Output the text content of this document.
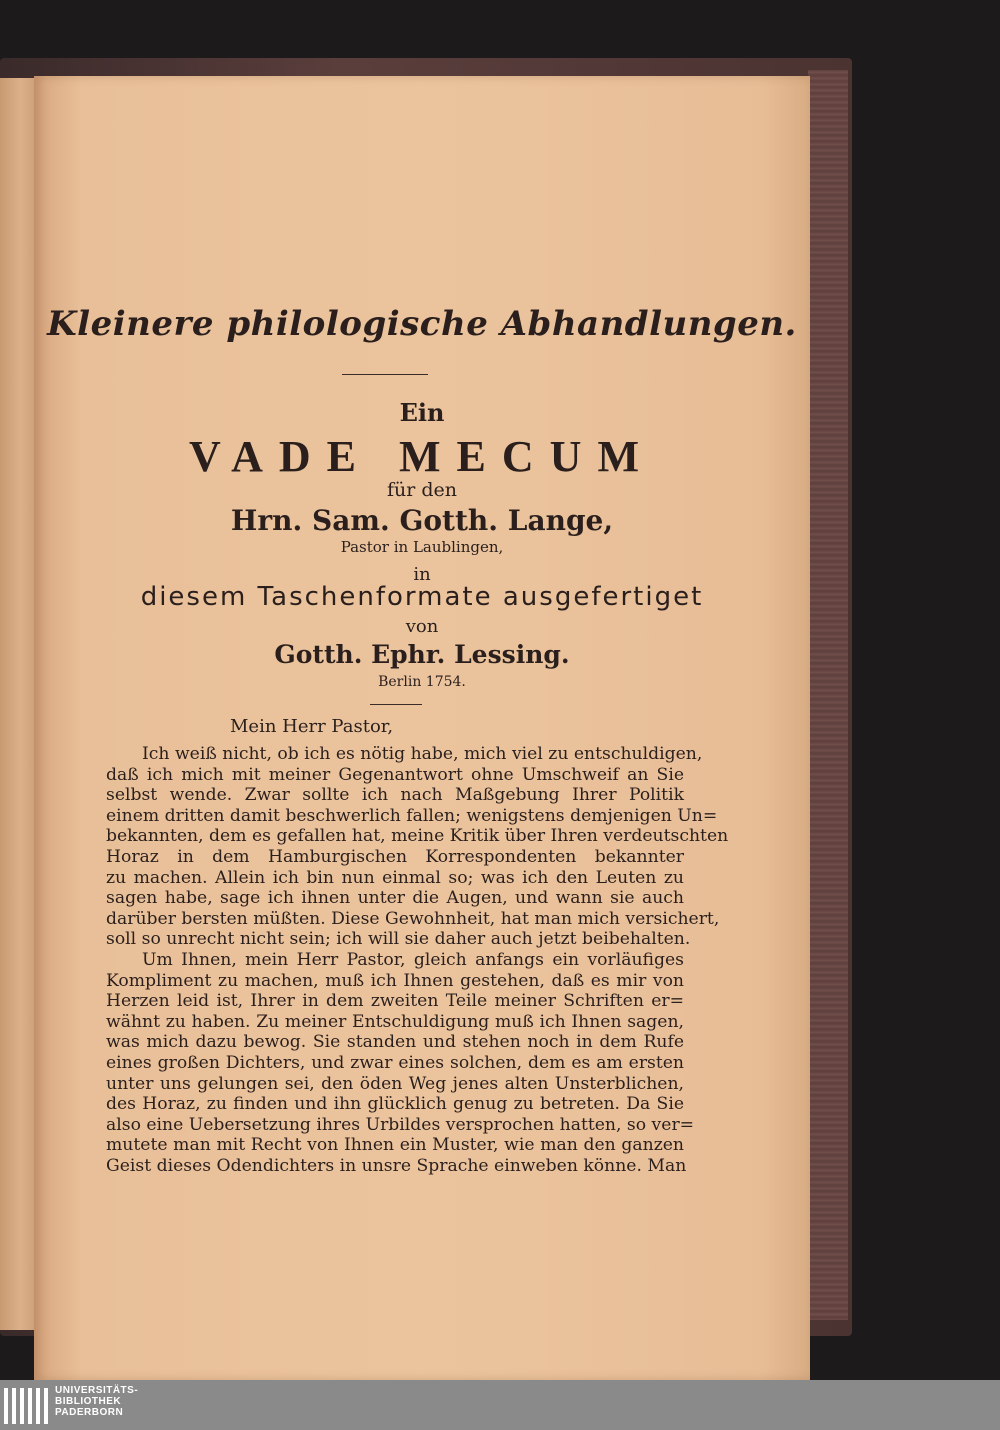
Kleinere philologische Abhandlungen.
Ein
VADE MECUM
für den
Hrn. Sam. Gotth. Lange,
Pastor in Laublingen,
in
diesem Taschenformate ausgefertiget
von
Gotth. Ephr. Lessing.
Berlin 1754.
Mein Herr Pastor,
Ich weiß nicht, ob ich es nötig habe, mich viel zu entschuldigen,
daß ich mich mit meiner Gegenantwort ohne Umschweif an Sie
selbst wende. Zwar sollte ich nach Maßgebung Ihrer Politik
einem dritten damit beschwerlich fallen; wenigstens demjenigen Un=
bekannten, dem es gefallen hat, meine Kritik über Ihren verdeutschten
Horaz in dem Hamburgischen Korrespondenten bekannter
zu machen. Allein ich bin nun einmal so; was ich den Leuten zu
sagen habe, sage ich ihnen unter die Augen, und wann sie auch
darüber bersten müßten. Diese Gewohnheit, hat man mich versichert,
soll so unrecht nicht sein; ich will sie daher auch jetzt beibehalten.
Um Ihnen, mein Herr Pastor, gleich anfangs ein vorläufiges
Kompliment zu machen, muß ich Ihnen gestehen, daß es mir von
Herzen leid ist, Ihrer in dem zweiten Teile meiner Schriften er=
wähnt zu haben. Zu meiner Entschuldigung muß ich Ihnen sagen,
was mich dazu bewog. Sie standen und stehen noch in dem Rufe
eines großen Dichters, und zwar eines solchen, dem es am ersten
unter uns gelungen sei, den öden Weg jenes alten Unsterblichen,
des Horaz, zu finden und ihn glücklich genug zu betreten. Da Sie
also eine Uebersetzung ihres Urbildes versprochen hatten, so ver=
mutete man mit Recht von Ihnen ein Muster, wie man den ganzen
Geist dieses Odendichters in unsre Sprache einweben könne. Man
UNIVERSITÄTS-
BIBLIOTHEK
PADERBORN
